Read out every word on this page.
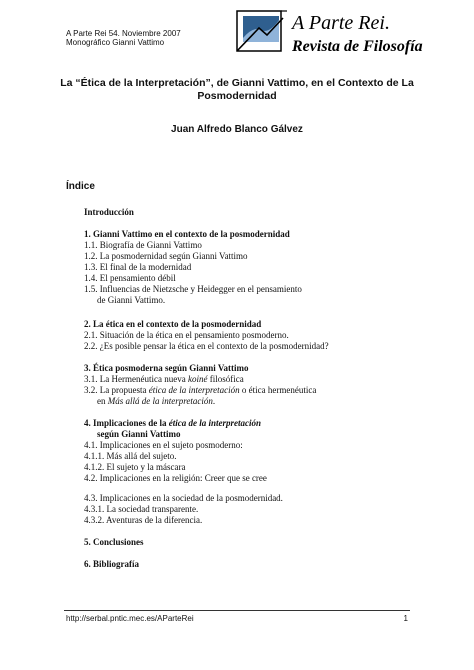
A Parte Rei 54. Noviembre 2007
Monográfico Gianni Vattimo
A Parte Rei.
Revista de Filosofía
La “Ética de la Interpretación”, de Gianni Vattimo, en el Contexto de La Posmodernidad
Juan Alfredo Blanco Gálvez
Índice
Introducción
1. Gianni Vattimo en el contexto de la posmodernidad
1.1. Biografía de Gianni Vattimo
1.2. La posmodernidad según Gianni Vattimo
1.3. El final de la modernidad
1.4. El pensamiento débil
1.5. Influencias de Nietzsche y Heidegger en el pensamiento
de Gianni Vattimo.
2. La ética en el contexto de la posmodernidad
2.1. Situación de la ética en el pensamiento posmoderno.
2.2. ¿Es posible pensar la ética en el contexto de la posmodernidad?
3. Ética posmoderna según Gianni Vattimo
3.1. La Hermenéutica nueva koiné filosófica
3.2. La propuesta ética de la interpretación o ética hermenéutica
en Más allá de la interpretación.
4. Implicaciones de la ética de la interpretación
según Gianni Vattimo
4.1. Implicaciones en el sujeto posmoderno:
4.1.1. Más allá del sujeto.
4.1.2. El sujeto y la máscara
4.2. Implicaciones en la religión: Creer que se cree
4.3. Implicaciones en la sociedad de la posmodernidad.
4.3.1. La sociedad transparente.
4.3.2. Aventuras de la diferencia.
5. Conclusiones
6. Bibliografía
http://serbal.pntic.mec.es/AParteRei	1
